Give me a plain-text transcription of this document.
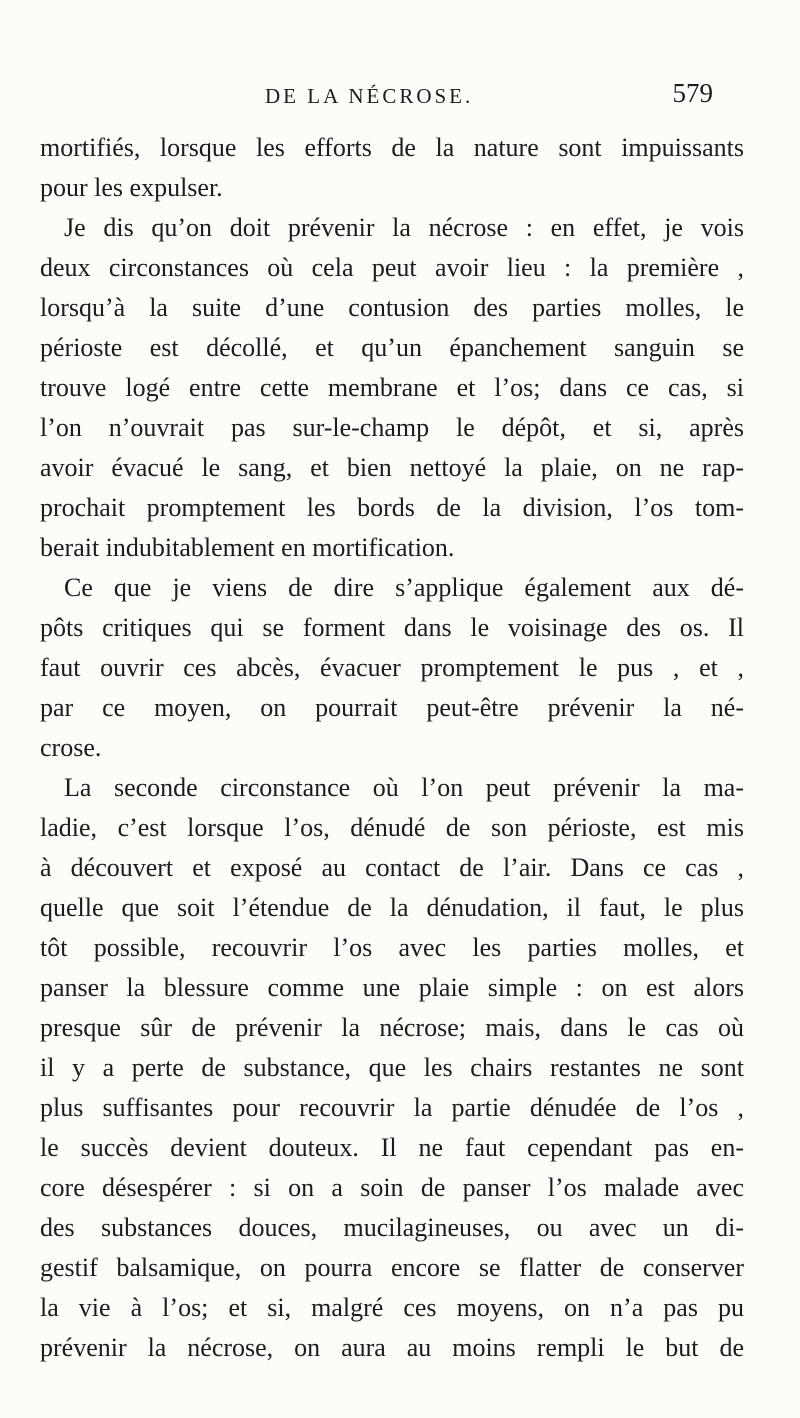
DE LA NÉCROSE.	579
mortifiés, lorsque les efforts de la nature sont impuissants
pour les expulser.
Je dis qu’on doit prévenir la nécrose : en effet, je vois
deux circonstances où cela peut avoir lieu : la première ,
lorsqu’à la suite d’une contusion des parties molles, le
périoste est décollé, et qu’un épanchement sanguin se
trouve logé entre cette membrane et l’os; dans ce cas, si
l’on n’ouvrait pas sur-le-champ le dépôt, et si, après
avoir évacué le sang, et bien nettoyé la plaie, on ne rap-
prochait promptement les bords de la division, l’os tom-
berait indubitablement en mortification.
Ce que je viens de dire s’applique également aux dé-
pôts critiques qui se forment dans le voisinage des os. Il
faut ouvrir ces abcès, évacuer promptement le pus , et ,
par ce moyen, on pourrait peut-être prévenir la né-
crose.
La seconde circonstance où l’on peut prévenir la ma-
ladie, c’est lorsque l’os, dénudé de son périoste, est mis
à découvert et exposé au contact de l’air. Dans ce cas ,
quelle que soit l’étendue de la dénudation, il faut, le plus
tôt possible, recouvrir l’os avec les parties molles, et
panser la blessure comme une plaie simple : on est alors
presque sûr de prévenir la nécrose; mais, dans le cas où
il y a perte de substance, que les chairs restantes ne sont
plus suffisantes pour recouvrir la partie dénudée de l’os ,
le succès devient douteux. Il ne faut cependant pas en-
core désespérer : si on a soin de panser l’os malade avec
des substances douces, mucilagineuses, ou avec un di-
gestif balsamique, on pourra encore se flatter de conserver
la vie à l’os; et si, malgré ces moyens, on n’a pas pu
prévenir la nécrose, on aura au moins rempli le but de
